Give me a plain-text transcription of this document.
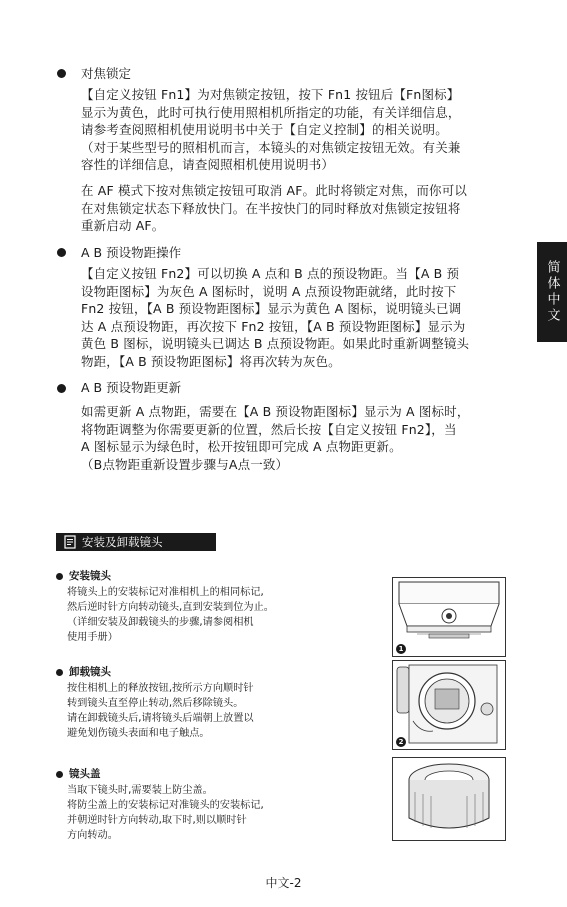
简体中文
对焦锁定
【自定义按钮 Fn1】为对焦锁定按钮，按下 Fn1 按钮后【Fn图标】
显示为黄色，此时可执行使用照相机所指定的功能，有关详细信息，
请参考查阅照相机使用说明书中关于【自定义控制】的相关说明。
（对于某些型号的照相机而言，本镜头的对焦锁定按钮无效。有关兼
容性的详细信息，请查阅照相机使用说明书）
在 AF 模式下按对焦锁定按钮可取消 AF。此时将锁定对焦，而你可以
在对焦锁定状态下释放快门。在半按快门的同时释放对焦锁定按钮将
重新启动 AF。
A B 预设物距操作
【自定义按钮 Fn2】可以切换 A 点和 B 点的预设物距。当【A B 预
设物距图标】为灰色 A 图标时，说明 A 点预设物距就绪，此时按下
Fn2 按钮，【A B 预设物距图标】显示为黄色 A 图标，说明镜头已调
达 A 点预设物距，再次按下 Fn2 按钮，【A B 预设物距图标】显示为
黄色 B 图标，说明镜头已调达 B 点预设物距。如果此时重新调整镜头
物距，【A B 预设物距图标】将再次转为灰色。
A B 预设物距更新
如需更新 A 点物距，需要在【A B 预设物距图标】显示为 A 图标时，
将物距调整为你需要更新的位置，然后长按【自定义按钮 Fn2】，当
A 图标显示为绿色时，松开按钮即可完成 A 点物距更新。
（B点物距重新设置步骤与A点一致）
安装及卸载镜头
安装镜头
将镜头上的安装标记对准相机上的相同标记,
然后逆时针方向转动镜头,直到安装到位为止。
（详细安装及卸载镜头的步骤,请参阅相机
使用手册）
卸载镜头
按住相机上的释放按钮,按所示方向顺时针
转到镜头直至停止转动,然后移除镜头。
请在卸载镜头后,请将镜头后端朝上放置以
避免划伤镜头表面和电子触点。
镜头盖
当取下镜头时,需要装上防尘盖。
将防尘盖上的安装标记对准镜头的安装标记,
并朝逆时针方向转动,取下时,则以顺时针
方向转动。
1
2
中文-2
